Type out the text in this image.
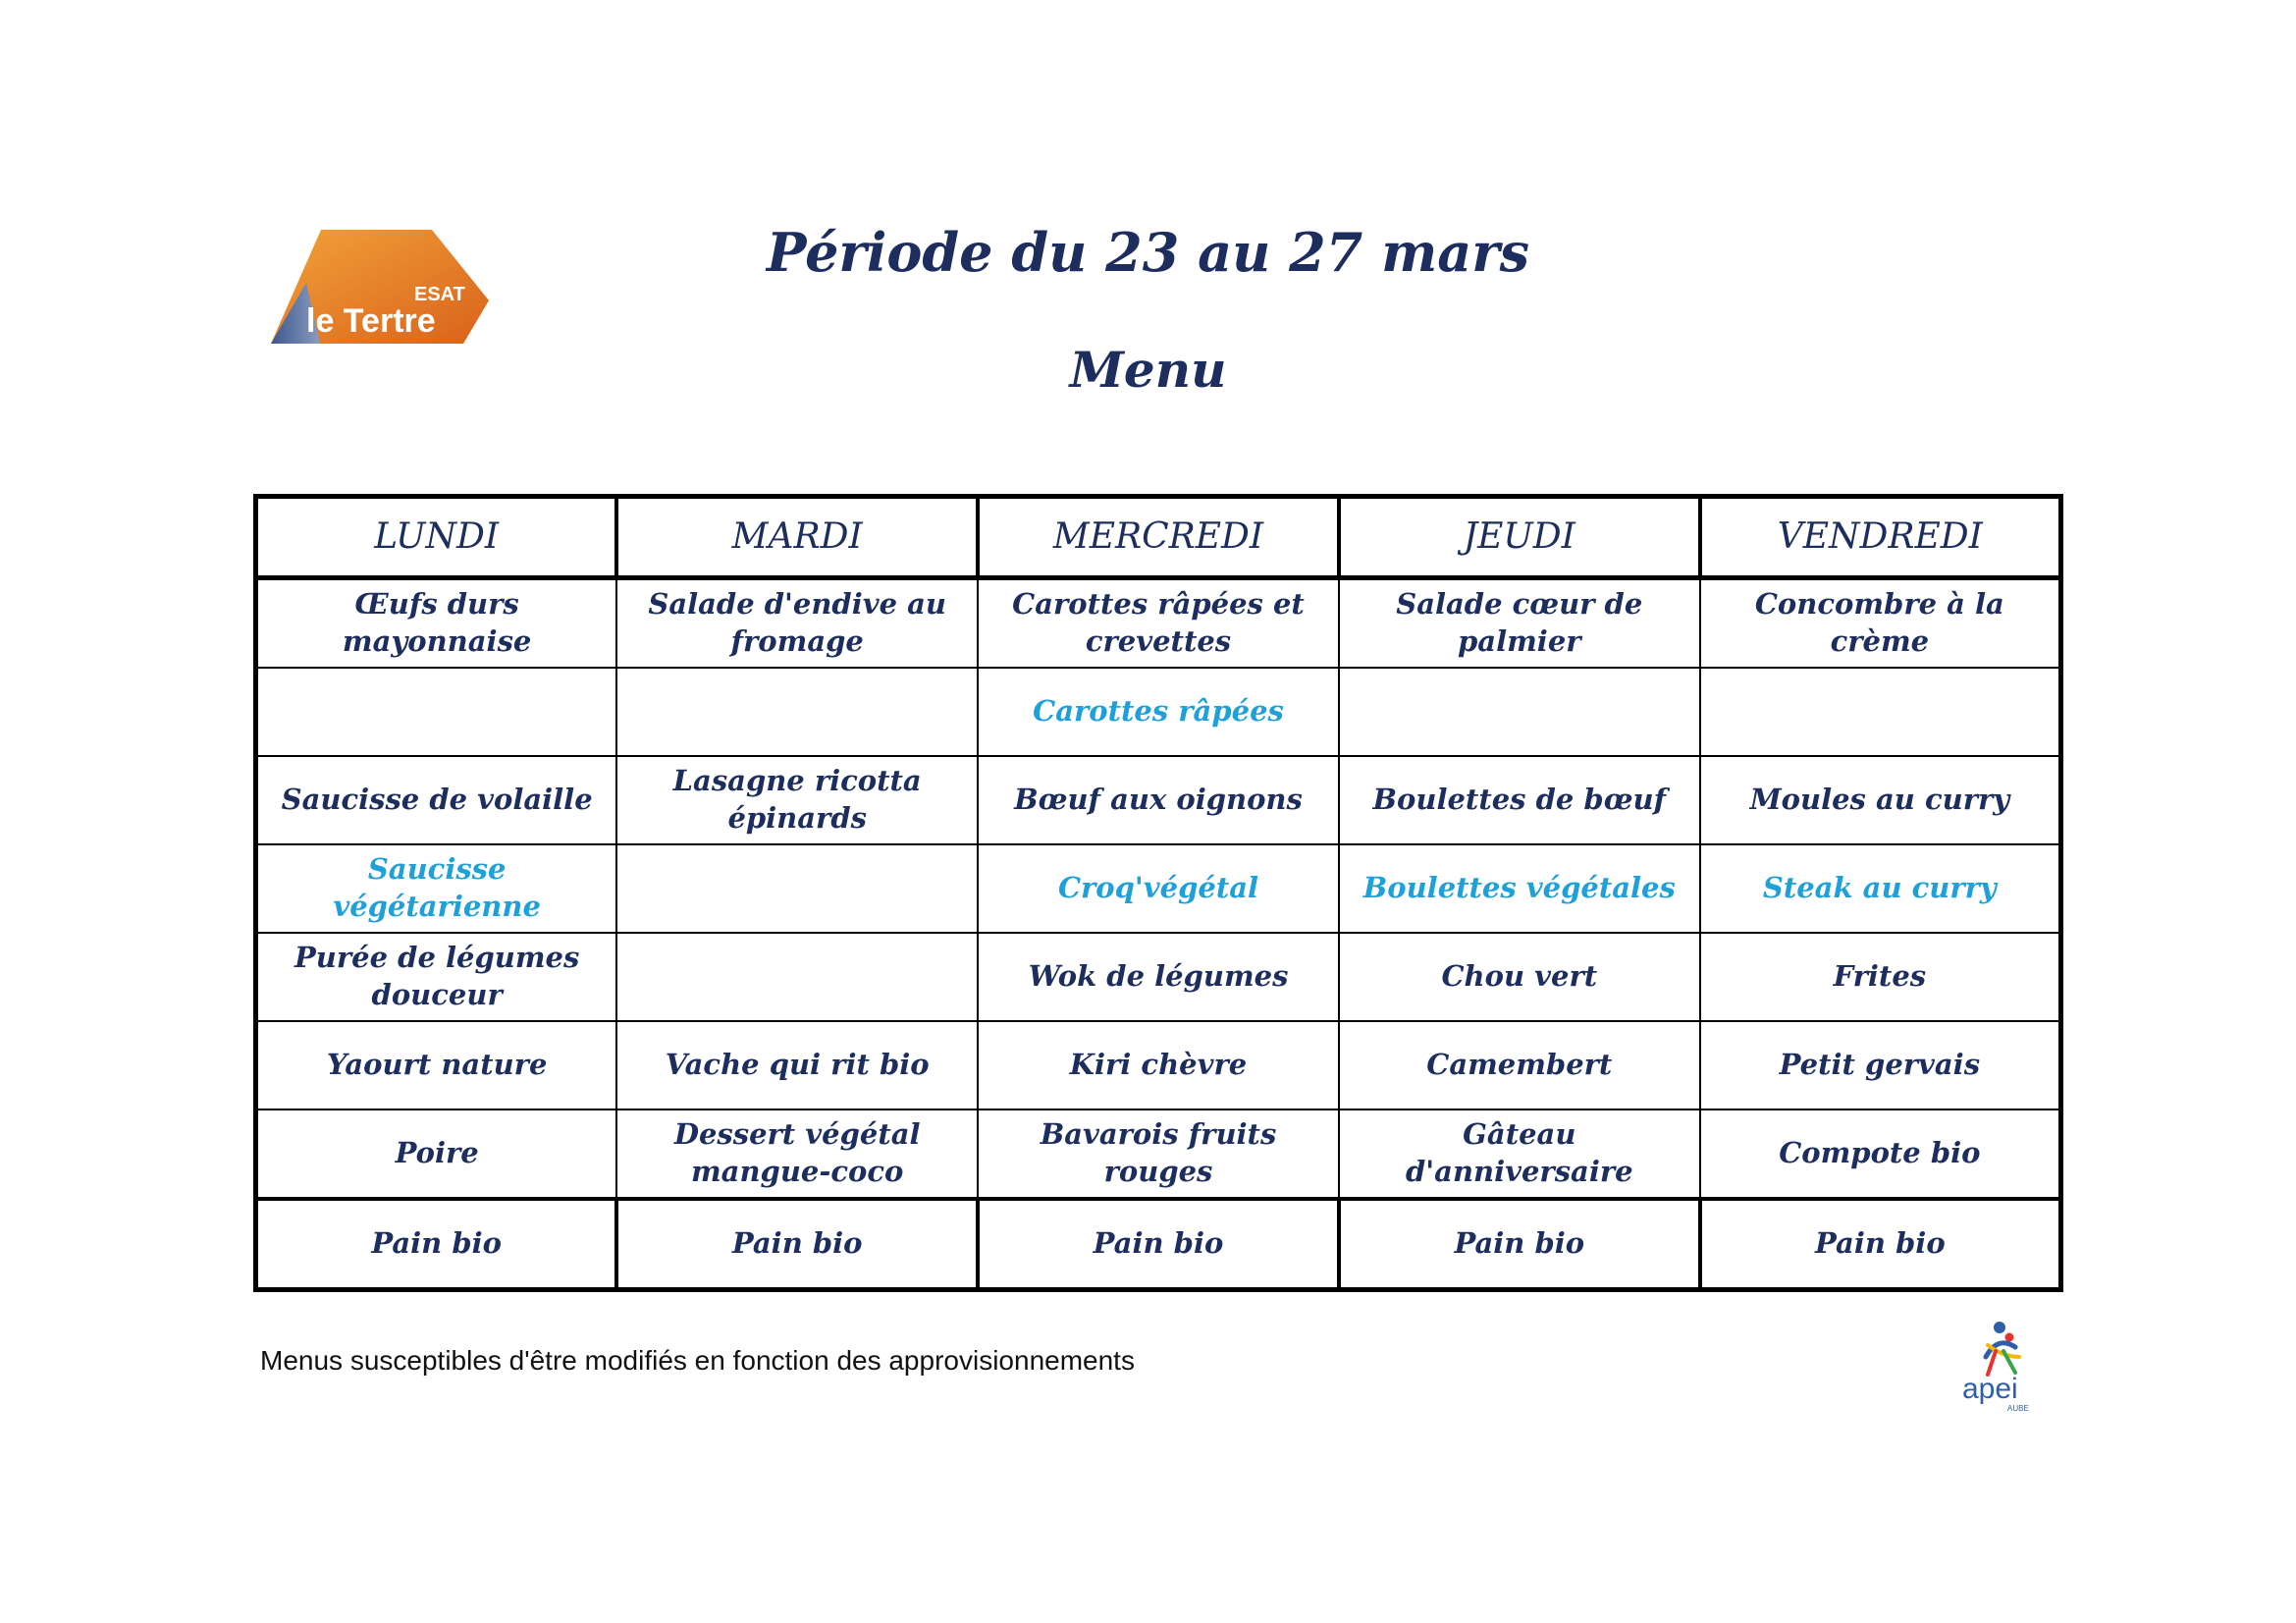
ESAT
le Tertre
Période du 23 au 27 mars
Menu
LUNDI	MARDI	MERCREDI	JEUDI	VENDREDI
Œufs durs mayonnaise	Salade d'endive au fromage	Carottes râpées et crevettes	Salade cœur de palmier	Concombre à la crème
		Carottes râpées		
Saucisse de volaille	Lasagne ricotta épinards	Bœuf aux oignons	Boulettes de bœuf	Moules au curry
Saucisse végétarienne		Croq'végétal	Boulettes végétales	Steak au curry
Purée de légumes douceur		Wok de légumes	Chou vert	Frites
Yaourt nature	Vache qui rit bio	Kiri chèvre	Camembert	Petit gervais
Poire	Dessert végétal mangue-coco	Bavarois fruits rouges	Gâteau d'anniversaire	Compote bio
Pain bio	Pain bio	Pain bio	Pain bio	Pain bio
Menus susceptibles d'être modifiés en fonction des approvisionnements
apei
AUBE
